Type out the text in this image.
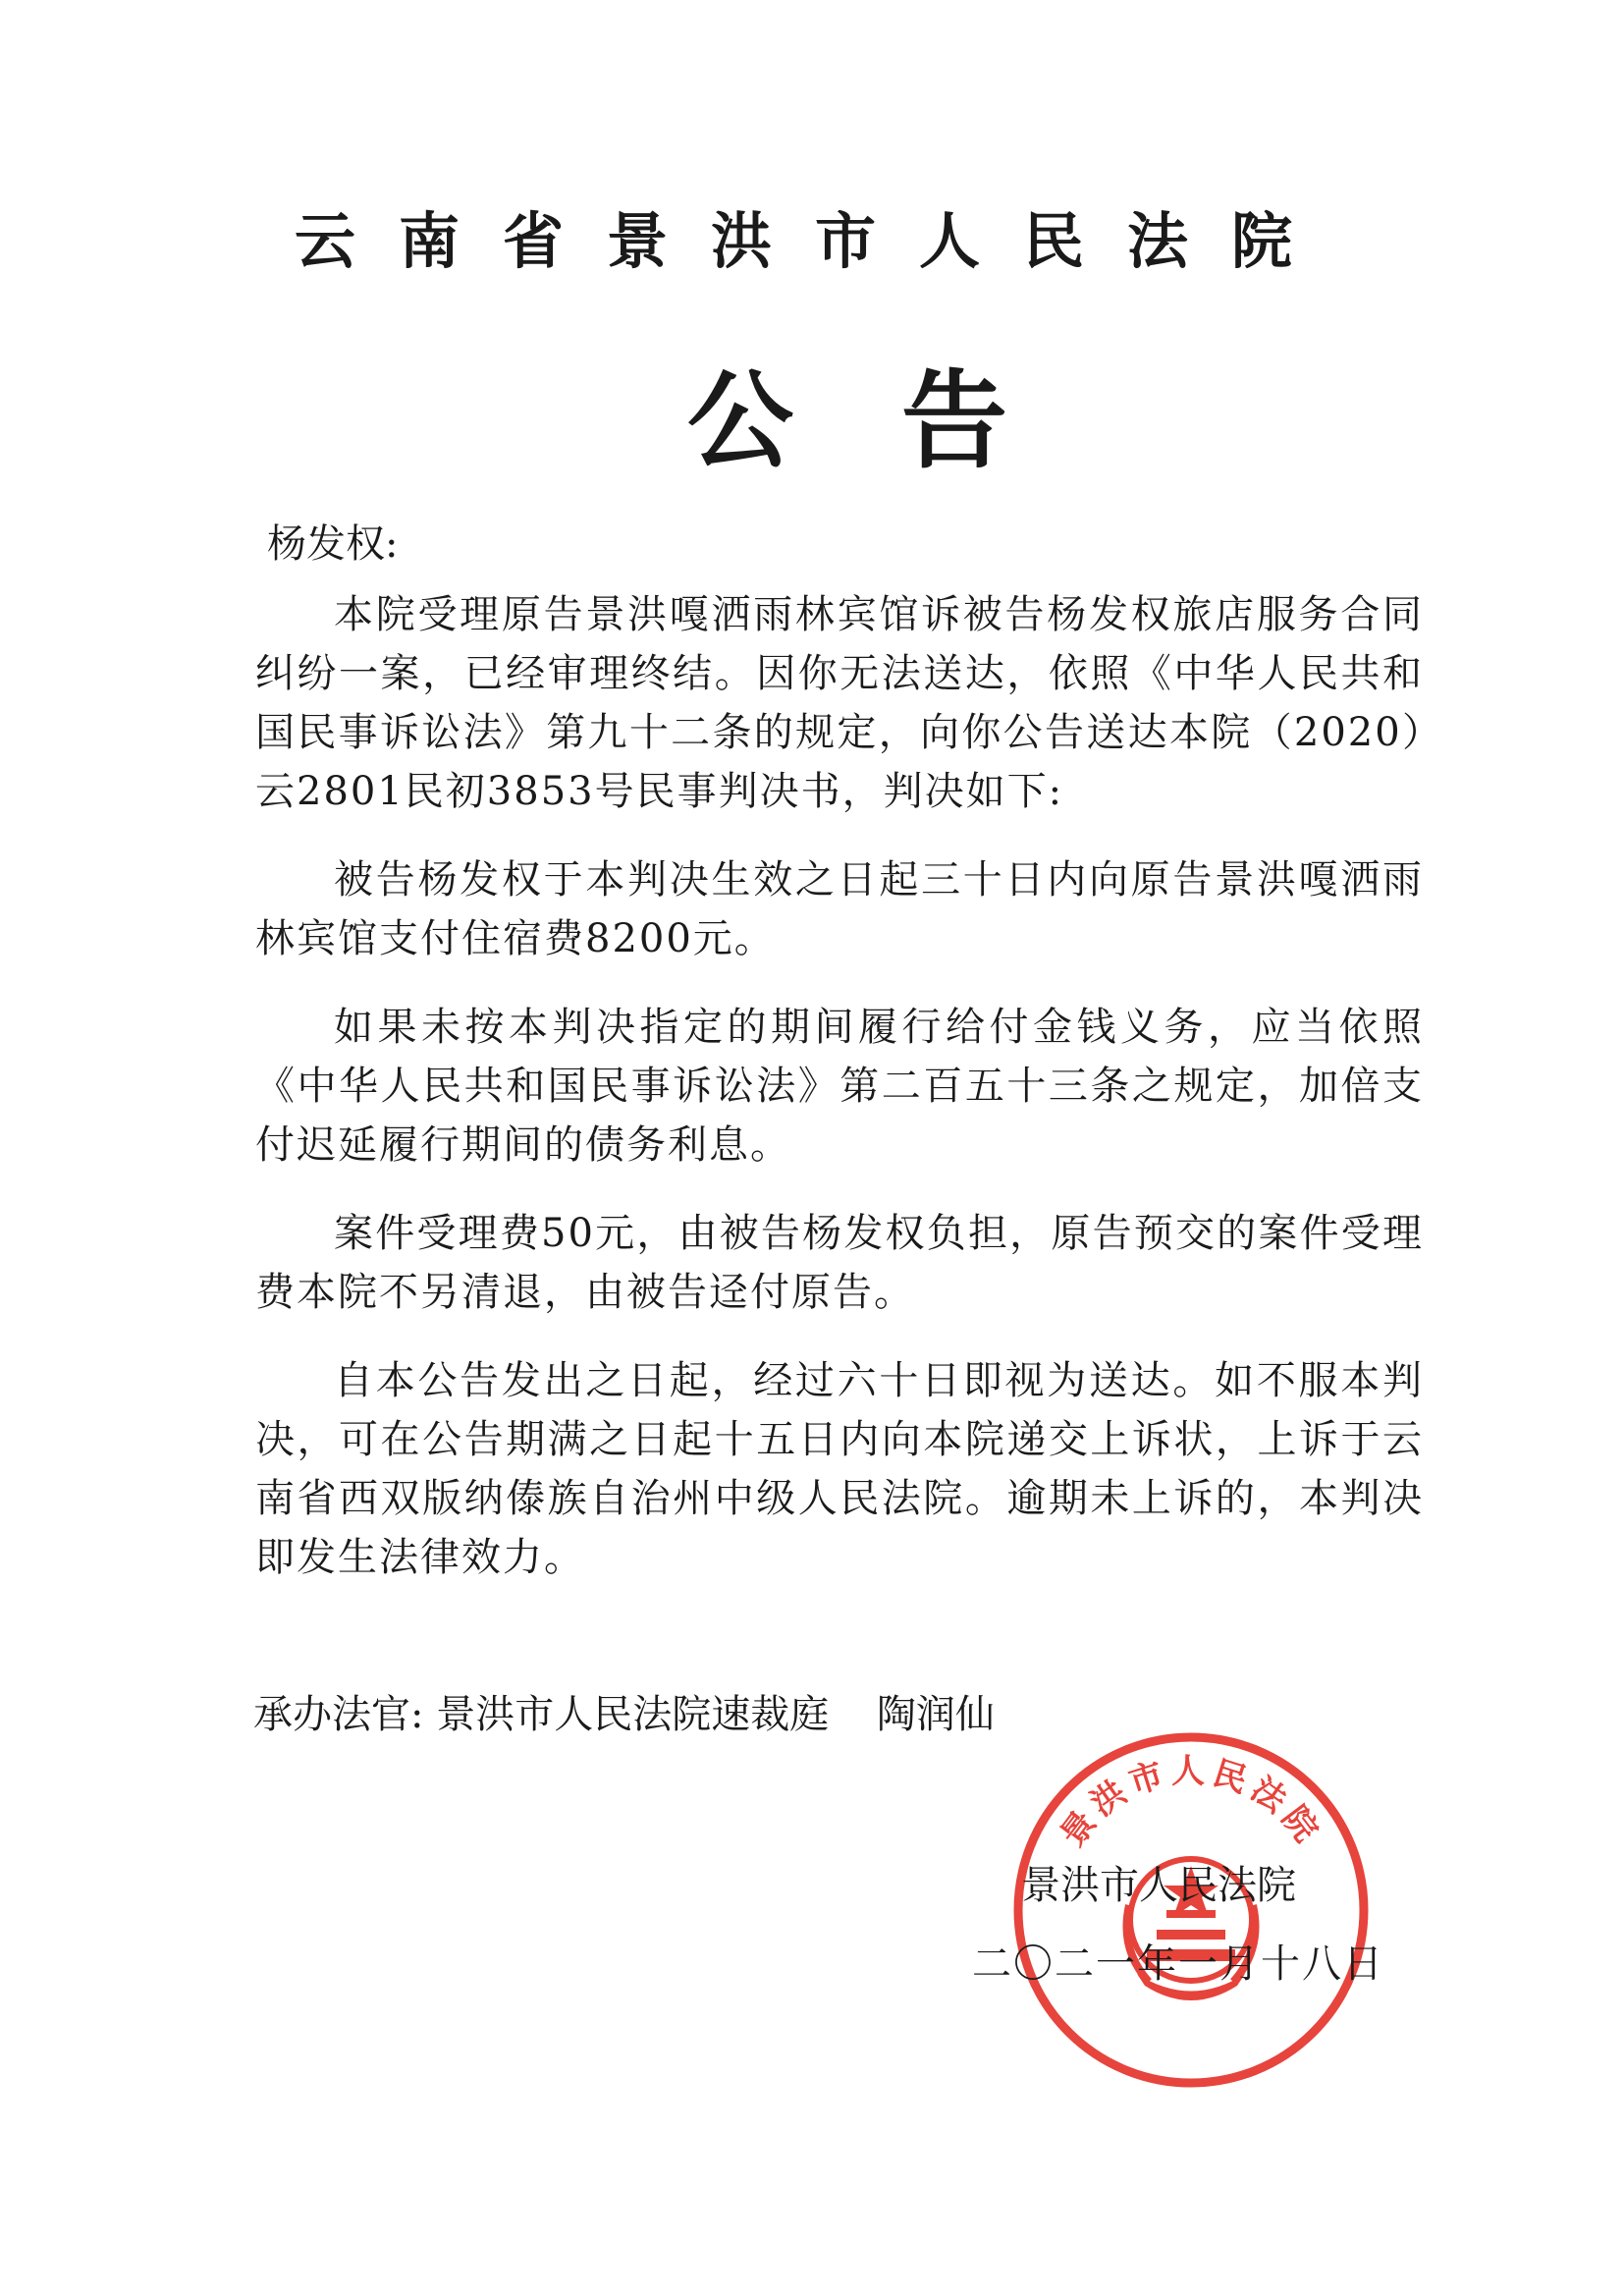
云南省景洪市人民法院
公告
杨发权:

本院受理原告景洪嘎洒雨林宾馆诉被告杨发权旅店服务合同纠纷一案，已经审理终结。因你无法送达，依照《中华人民共和国民事诉讼法》第九十二条的规定，向你公告送达本院（2020）云2801民初3853号民事判决书，判决如下:

被告杨发权于本判决生效之日起三十日内向原告景洪嘎洒雨林宾馆支付住宿费8200元。

如果未按本判决指定的期间履行给付金钱义务，应当依照《中华人民共和国民事诉讼法》第二百五十三条之规定，加倍支付迟延履行期间的债务利息。

案件受理费50元，由被告杨发权负担，原告预交的案件受理费本院不另清退，由被告迳付原告。

自本公告发出之日起，经过六十日即视为送达。如不服本判决，可在公告期满之日起十五日内向本院递交上诉状，上诉于云南省西双版纳傣族自治州中级人民法院。逾期未上诉的，本判决即发生法律效力。

承办法官: 景洪市人民法院速裁庭 陶润仙
景洪市人民法院
景洪市人民法院
二〇二一年一月十八日
